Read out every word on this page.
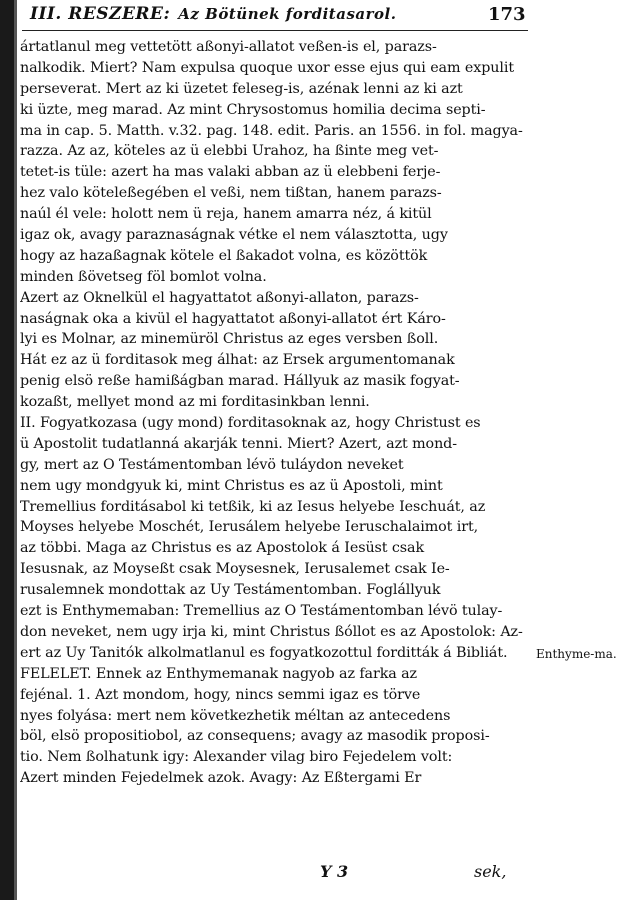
III. RESZERE: Az Bötünek forditasarol.	173
ártatlanul meg vettetött aßonyi-allatot veßen-is el, parazs-
nalkodik. Miert? Nam expulsa quoque uxor esse ejus qui eam expulit
perseverat. Mert az ki üzetet feleseg-is, azénak lenni az ki azt
ki üzte, meg marad. Az mint Chrysostomus homilia decima septi-
ma in cap. 5. Matth. v.32. pag. 148. edit. Paris. an 1556. in fol. magya-
razza. Az az, köteles az ü elebbi Urahoz, ha ßinte meg vet-
tetet-is tüle: azert ha mas valaki abban az ü elebbeni ferje-
hez valo köteleßegében el veßi, nem tißtan, hanem parazs-
naúl él vele: holott nem ü reja, hanem amarra néz, á kitül
igaz ok, avagy paraznaságnak vétke el nem választotta, ugy
hogy az hazaßagnak kötele el ßakadot volna, es közöttök
minden ßövetseg föl bomlot volna.
Azert az Oknelkül el hagyattatot aßonyi-allaton, parazs-
naságnak oka a kivül el hagyattatot aßonyi-allatot ért Káro-
lyi es Molnar, az minemüröl Christus az eges versben ßoll.
Hát ez az ü forditasok meg álhat: az Ersek argumentomanak
penig elsö reße hamißágban marad. Hállyuk az masik fogyat-
kozaßt, mellyet mond az mi forditasinkban lenni.
II. Fogyatkozasa (ugy mond) forditasoknak az, hogy Christust es
ü Apostolit tudatlanná akarják tenni. Miert? Azert, azt mond-
gy, mert az O Testámentomban lévö tuláydon neveket
nem ugy mondgyuk ki, mint Christus es az ü Apostoli, mint
Tremellius forditásabol ki tetßik, ki az Iesus helyebe Ieschuát, az
Moyses helyebe Moschét, Ierusálem helyebe Ieruschalaimot irt,
az többi. Maga az Christus es az Apostolok á Iesüst csak
Iesusnak, az Moyseßt csak Moysesnek, Ierusalemet csak Ie-
rusalemnek mondottak az Uy Testámentomban. Foglállyuk
ezt is Enthymemaban: Tremellius az O Testámentomban lévö tulay-
don neveket, nem ugy irja ki, mint Christus ßóllot es az Apostolok: Az-
ert az Uy Tanitók alkolmatlanul es fogyatkozottul forditták á Bibliát.
FELELET. Ennek az Enthymemanak nagyob az farka az
fejénal. 1. Azt mondom, hogy, nincs semmi igaz es törve
nyes folyása: mert nem következhetik méltan az antecedens
böl, elsö propositiobol, az consequens; avagy az masodik proposi-
tio. Nem ßolhatunk igy: Alexander vilag biro Fejedelem volt:
Azert minden Fejedelmek azok. Avagy: Az Eßtergami Er
Enthyme-ma.
Y 3	sek,
